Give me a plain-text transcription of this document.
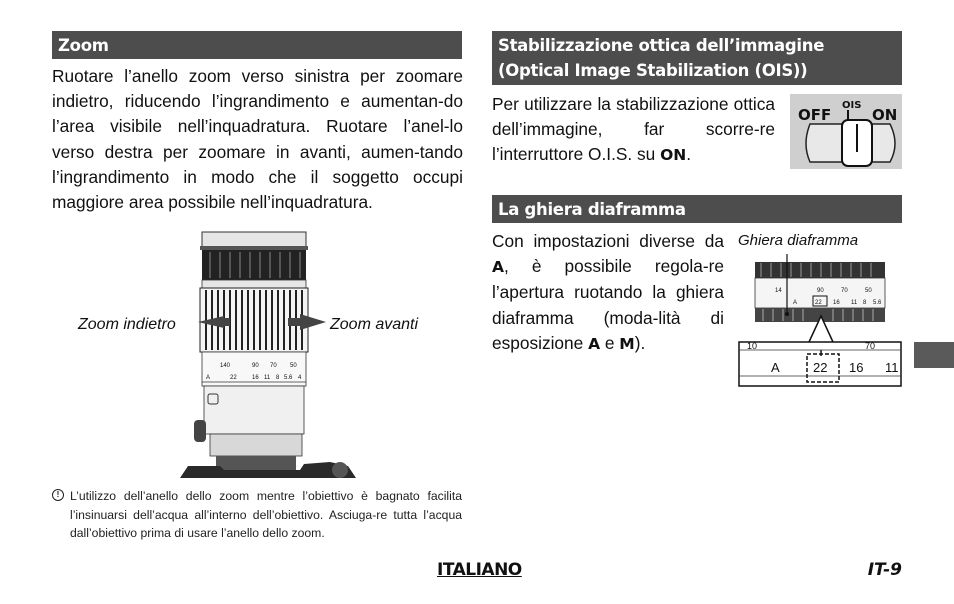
Zoom

Ruotare l’anello zoom verso sinistra per zoomare indietro, riducendo l’ingrandimento e aumentan-do l’area visibile nell’inquadratura. Ruotare l’anel-lo verso destra per zoomare in avanti, aumen-tando l’ingrandimento in modo che il soggetto occupi maggiore area possibile nell’inquadratura.

140	90 70 50
A	22	16 11 8 5.6 4
Zoom indietro	Zoom avanti
! L’utilizzo dell’anello dello zoom mentre l’obiettivo è bagnato facilita l’insinuarsi dell’acqua all’interno dell’obiettivo. Asciuga-re tutta l’acqua dall’obiettivo prima di usare l’anello dello zoom.

Stabilizzazione ottica dell’immagine
(Optical Image Stabilization (OIS))

Per utilizzare la stabilizzazione ottica dell’immagine, far scorre-re l’interruttore O.I.S. su ON.

OFF
OIS
ON
La ghiera diaframma

Con impostazioni diverse da A, è possibile regola-re l’apertura ruotando la ghiera diaframma (moda-lità di esposizione A e M).

Ghiera diaframma
14	90	70	50
A	22 16 11 8 5.6
10	70
A	22 16 11
ITALIANO	IT-9
